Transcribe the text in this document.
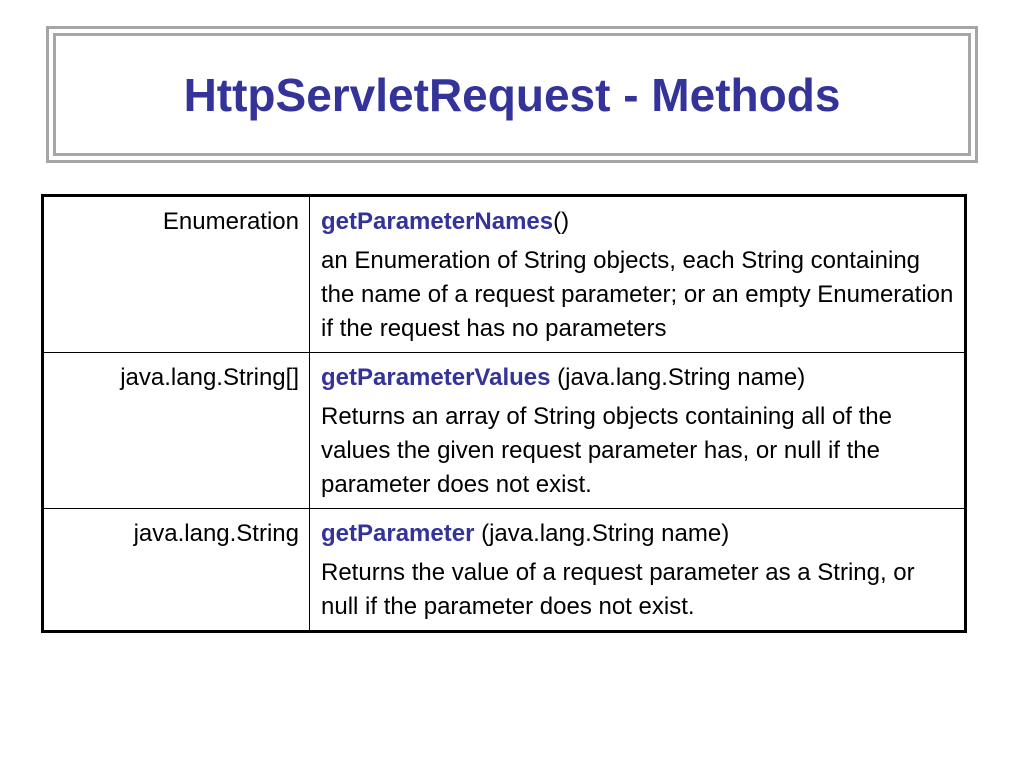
HttpServletRequest - Methods
Enumeration	getParameterNames()

an Enumeration of String objects, each String containing the name of a request parameter; or an empty Enumeration if the request has no parameters

java.lang.String[]	getParameterValues (java.lang.String name)

Returns an array of String objects containing all of the values the given request parameter has, or null if the parameter does not exist.

java.lang.String	getParameter (java.lang.String name)

Returns the value of a request parameter as a String, or null if the parameter does not exist.
